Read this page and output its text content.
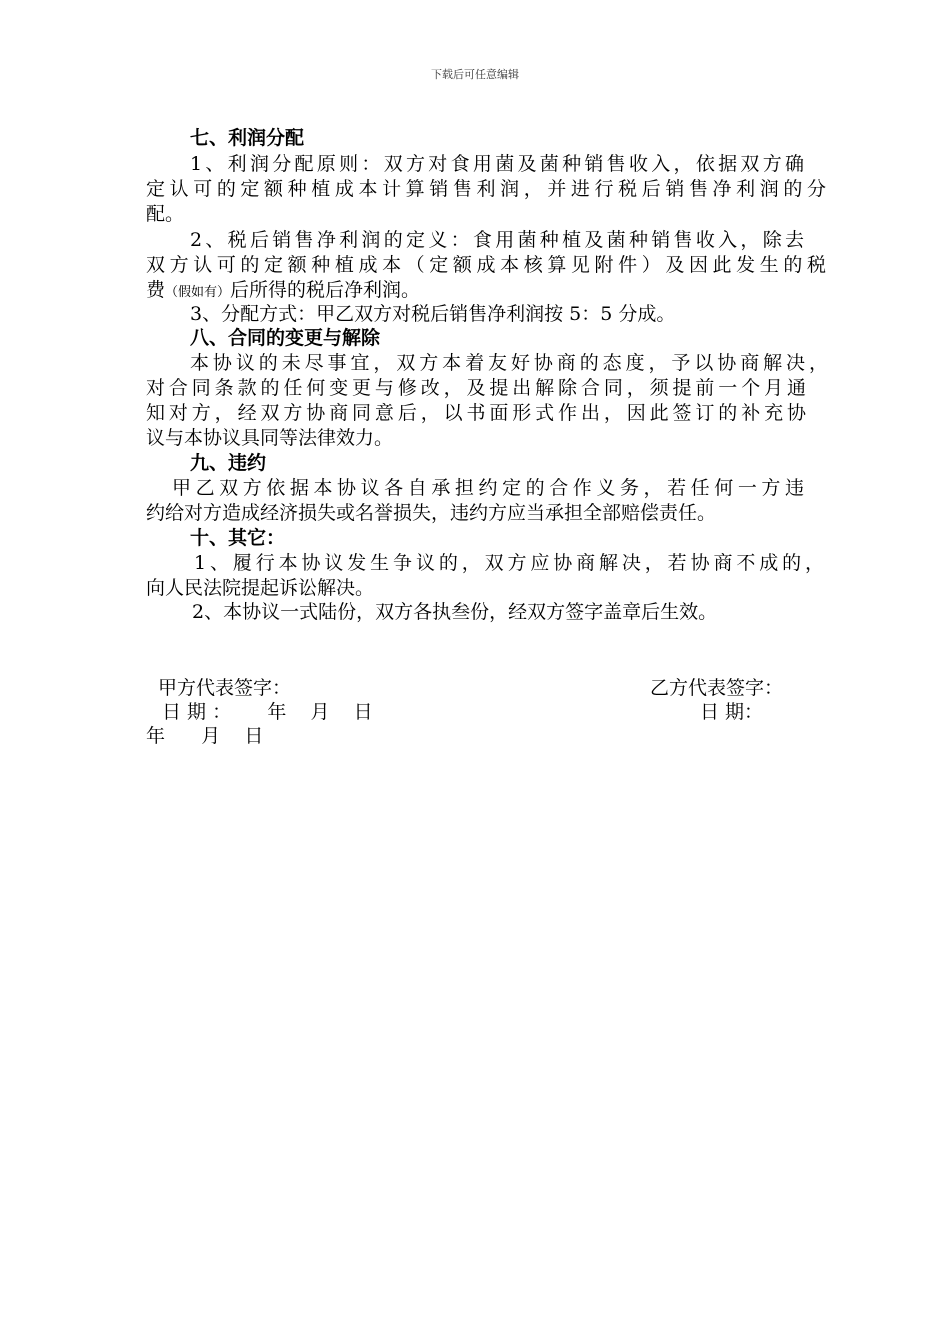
下载后可任意编辑
七、利润分配
1、利润分配原则：双方对食用菌及菌种销售收入，依据双方确
定认可的定额种植成本计算销售利润，并进行税后销售净利润的分
配。
2、税后销售净利润的定义：食用菌种植及菌种销售收入，除去
双方认可的定额种植成本（定额成本核算见附件）及因此发生的税
费（假如有）后所得的税后净利润。
3、分配方式：甲乙双方对税后销售净利润按 5：5 分成。
八、合同的变更与解除
本协议的未尽事宜，双方本着友好协商的态度，予以协商解决，
对合同条款的任何变更与修改，及提出解除合同，须提前一个月通
知对方，经双方协商同意后，以书面形式作出，因此签订的补充协
议与本协议具同等法律效力。
九、违约
甲乙双方依据本协议各自承担约定的合作义务，若任何一方违
约给对方造成经济损失或名誉损失，违约方应当承担全部赔偿责任。
十、其它：
1、履行本协议发生争议的，双方应协商解决，若协商不成的，
向人民法院提起诉讼解决。
2、本协议一式陆份，双方各执叁份，经双方签字盖章后生效。
甲方代表签字：	乙方代表签字：
日 期 ：      年    月    日	日 期：
年      月    日
